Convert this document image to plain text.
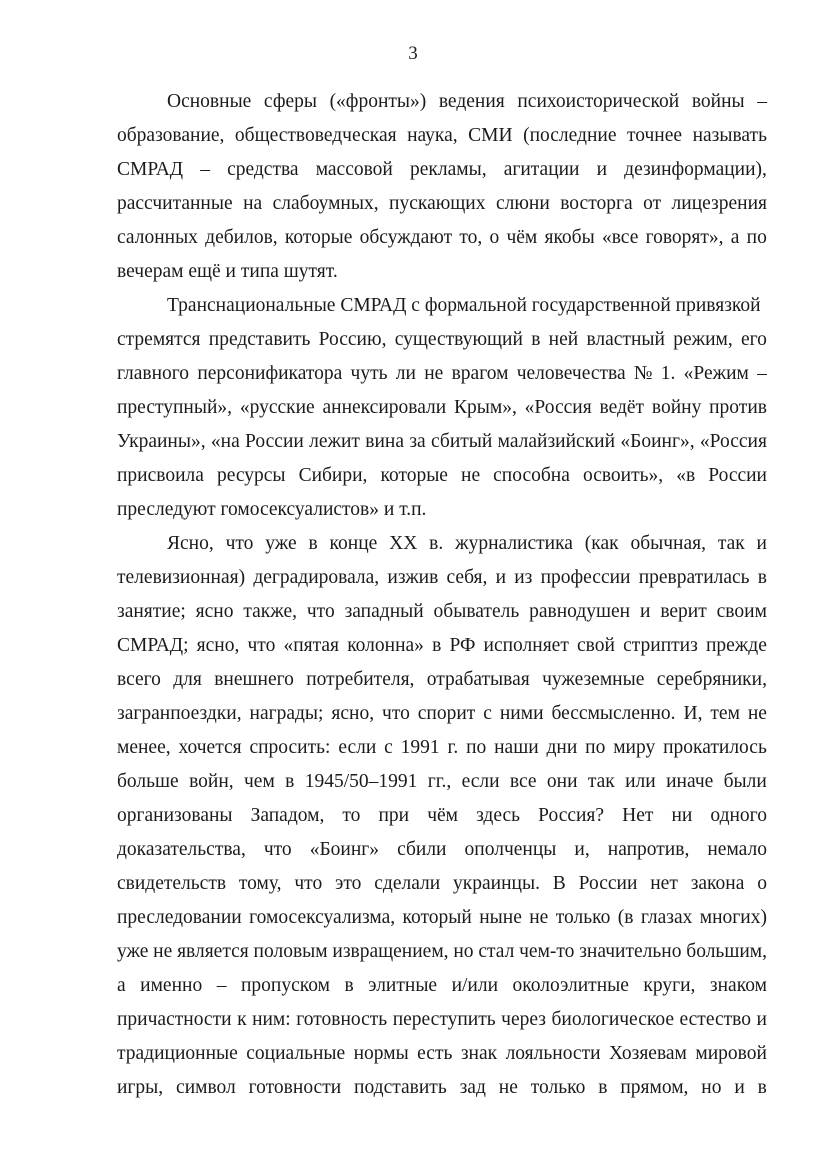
3
Основные сферы («фронты») ведения психоисторической войны –
образование, обществоведческая наука, СМИ (последние точнее называть
СМРАД – средства массовой рекламы, агитации и дезинформации),
рассчитанные на слабоумных, пускающих слюни восторга от лицезрения
салонных дебилов, которые обсуждают то, о чём якобы «все говорят», а по
вечерам ещё и типа шутят.
Транснациональные СМРАД с формальной государственной привязкой
стремятся представить Россию, существующий в ней властный режим, его
главного персонификатора чуть ли не врагом человечества № 1. «Режим –
преступный», «русские аннексировали Крым», «Россия ведёт войну против
Украины», «на России лежит вина за сбитый малайзийский «Боинг», «Россия
присвоила ресурсы Сибири, которые не способна освоить», «в России
преследуют гомосексуалистов» и т.п.
Ясно, что уже в конце XX в. журналистика (как обычная, так и
телевизионная) деградировала, изжив себя, и из профессии превратилась в
занятие; ясно также, что западный обыватель равнодушен и верит своим
СМРАД; ясно, что «пятая колонна» в РФ исполняет свой стриптиз прежде
всего для внешнего потребителя, отрабатывая чужеземные серебряники,
загранпоездки, награды; ясно, что спорит с ними бессмысленно. И, тем не
менее, хочется спросить: если с 1991 г. по наши дни по миру прокатилось
больше войн, чем в 1945/50–1991 гг., если все они так или иначе были
организованы Западом, то при чём здесь Россия? Нет ни одного
доказательства, что «Боинг» сбили ополченцы и, напротив, немало
свидетельств тому, что это сделали украинцы. В России нет закона о
преследовании гомосексуализма, который ныне не только (в глазах многих)
уже не является половым извращением, но стал чем-то значительно большим,
а именно – пропуском в элитные и/или околоэлитные круги, знаком
причастности к ним: готовность переступить через биологическое естество и
традиционные социальные нормы есть знак лояльности Хозяевам мировой
игры, символ готовности подставить зад не только в прямом, но и в
